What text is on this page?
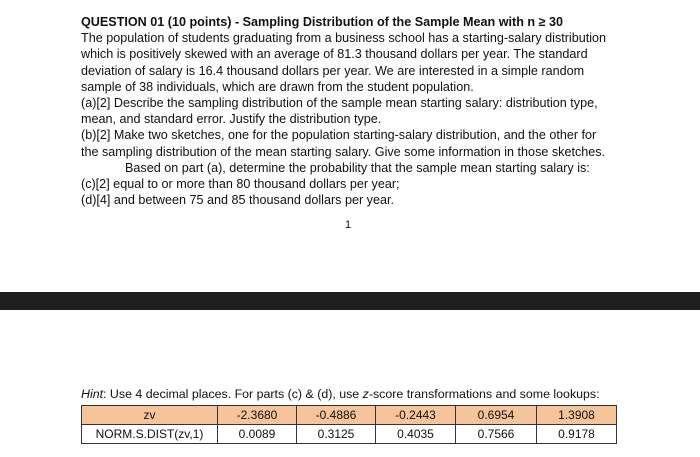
QUESTION 01 (10 points) - Sampling Distribution of the Sample Mean with n ≥ 30

The population of students graduating from a business school has a starting-salary distribution

which is positively skewed with an average of 81.3 thousand dollars per year. The standard

deviation of salary is 16.4 thousand dollars per year. We are interested in a simple random

sample of 38 individuals, which are drawn from the student population.

(a)[2] Describe the sampling distribution of the sample mean starting salary: distribution type,

mean, and standard error. Justify the distribution type.

(b)[2] Make two sketches, one for the population starting-salary distribution, and the other for

the sampling distribution of the mean starting salary. Give some information in those sketches.

Based on part (a), determine the probability that the sample mean starting salary is:

(c)[2] equal to or more than 80 thousand dollars per year;

(d)[4] and between 75 and 85 thousand dollars per year.

1
Hint: Use 4 decimal places. For parts (c) & (d), use z-score transformations and some lookups:
zv	-2.3680	-0.4886	-0.2443	0.6954	1.3908
NORM.S.DIST(zv,1)	0.0089	0.3125	0.4035	0.7566	0.9178
